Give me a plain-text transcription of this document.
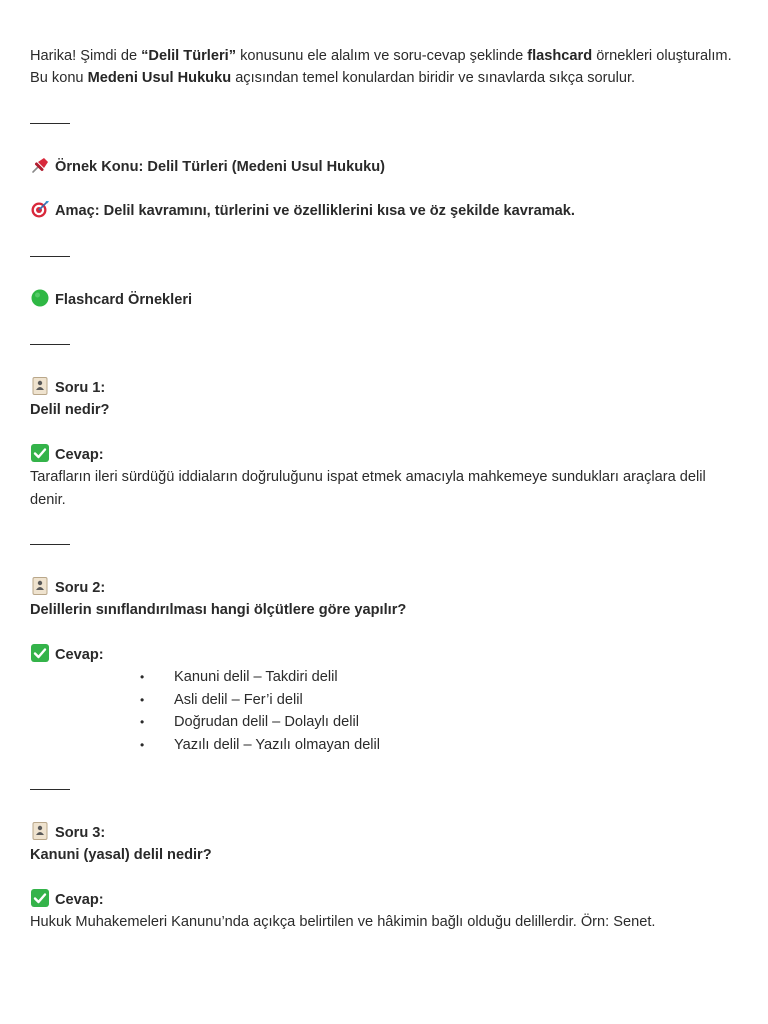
Harika! Şimdi de “Delil Türleri” konusunu ele alalım ve soru-cevap şeklinde flashcard örnekleri oluşturalım. Bu konu Medeni Usul Hukuku açısından temel konulardan biridir ve sınavlarda sıkça sorulur.

Örnek Konu: Delil Türleri (Medeni Usul Hukuku)

Amaç: Delil kavramını, türlerini ve özelliklerini kısa ve öz şekilde kavramak.

Flashcard Örnekleri

Soru 1:

Delil nedir?

Cevap:

Tarafların ileri sürdüğü iddiaların doğruluğunu ispat etmek amacıyla mahkemeye sundukları araçlara delil denir.

Soru 2:

Delillerin sınıflandırılması hangi ölçütlere göre yapılır?

Cevap:

• Kanuni delil – Takdiri delil
• Asli delil – Fer’i delil
• Doğrudan delil – Dolaylı delil
• Yazılı delil – Yazılı olmayan delil

Soru 3:

Kanuni (yasal) delil nedir?

Cevap:

Hukuk Muhakemeleri Kanunu’nda açıkça belirtilen ve hâkimin bağlı olduğu delillerdir. Örn: Senet.
